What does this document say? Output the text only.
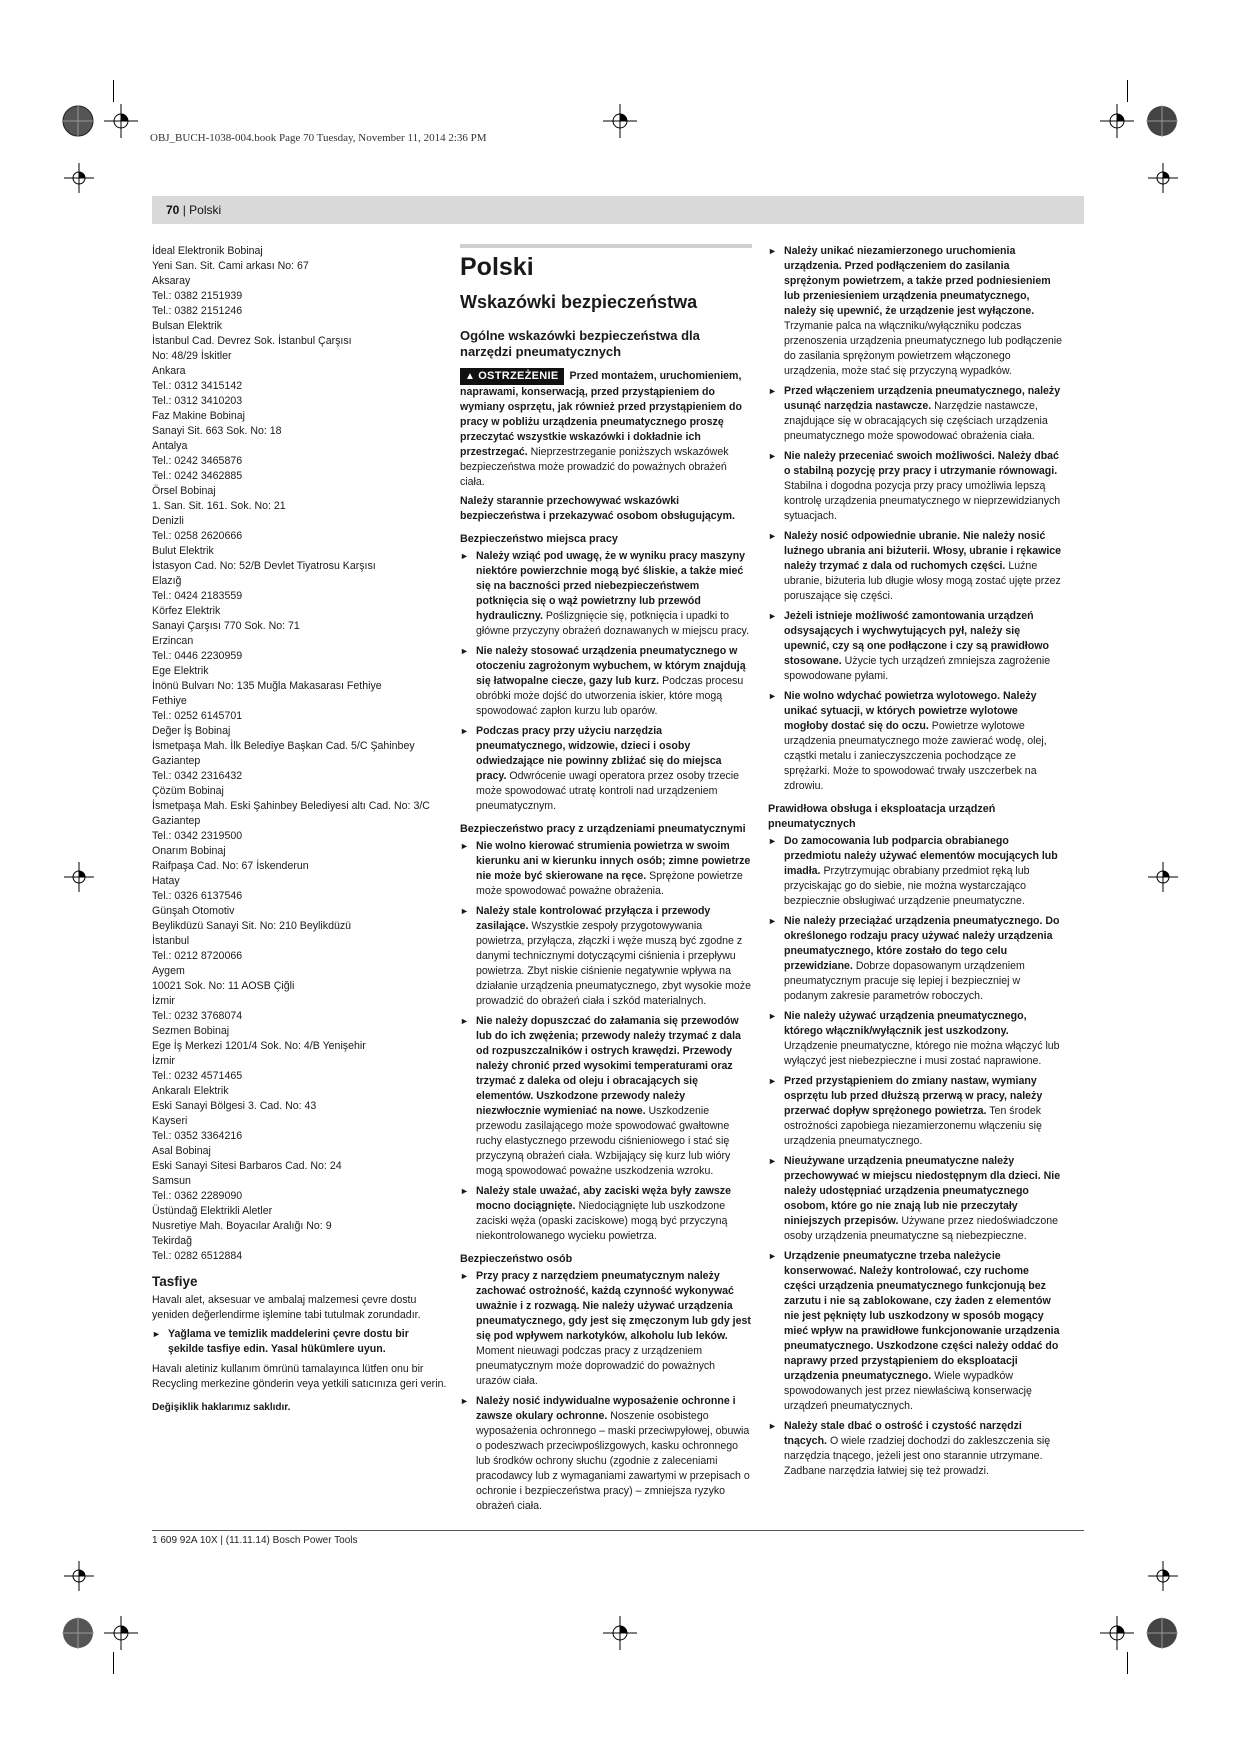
OBJ_BUCH-1038-004.book Page 70 Tuesday, November 11, 2014 2:36 PM
70 | Polski
İdeal Elektronik Bobinaj
Yeni San. Sit. Cami arkası No: 67
Aksaray
Tel.: 0382 2151939
Tel.: 0382 2151246
Bulsan Elektrik
İstanbul Cad. Devrez Sok. İstanbul Çarşısı
No: 48/29 İskitler
Ankara
Tel.: 0312 3415142
Tel.: 0312 3410203
Faz Makine Bobinaj
Sanayi Sit. 663 Sok. No: 18
Antalya
Tel.: 0242 3465876
Tel.: 0242 3462885
Örsel Bobinaj
1. San. Sit. 161. Sok. No: 21
Denizli
Tel.: 0258 2620666
Bulut Elektrik
İstasyon Cad. No: 52/B Devlet Tiyatrosu Karşısı
Elazığ
Tel.: 0424 2183559
Körfez Elektrik
Sanayi Çarşısı 770 Sok. No: 71
Erzincan
Tel.: 0446 2230959
Ege Elektrik
İnönü Bulvarı No: 135 Muğla Makasarası Fethiye
Fethiye
Tel.: 0252 6145701
Değer İş Bobinaj
İsmetpaşa Mah. İlk Belediye Başkan Cad. 5/C Şahinbey
Gaziantep
Tel.: 0342 2316432
Çözüm Bobinaj
İsmetpaşa Mah. Eski Şahinbey Belediyesi altı Cad. No: 3/C
Gaziantep
Tel.: 0342 2319500
Onarım Bobinaj
Raifpaşa Cad. No: 67 İskenderun
Hatay
Tel.: 0326 6137546
Günşah Otomotiv
Beylikdüzü Sanayi Sit. No: 210 Beylikdüzü
İstanbul
Tel.: 0212 8720066
Aygem
10021 Sok. No: 11 AOSB Çiğli
İzmir
Tel.: 0232 3768074
Sezmen Bobinaj
Ege İş Merkezi 1201/4 Sok. No: 4/B Yenişehir
İzmir
Tel.: 0232 4571465
Ankaralı Elektrik
Eski Sanayi Bölgesi 3. Cad. No: 43
Kayseri
Tel.: 0352 3364216
Asal Bobinaj
Eski Sanayi Sitesi Barbaros Cad. No: 24
Samsun
Tel.: 0362 2289090
Üstündağ Elektrikli Aletler
Nusretiye Mah. Boyacılar Aralığı No: 9
Tekirdağ
Tel.: 0282 6512884
Tasfiye

Havalı alet, aksesuar ve ambalaj malzemesi çevre dostu yeniden değerlendirme işlemine tabi tutulmak zorundadır.

► Yağlama ve temizlik maddelerini çevre dostu bir şekilde tasfiye edin. Yasal hükümlere uyun.

Havalı aletiniz kullanım ömrünü tamalayınca lütfen onu bir Recycling merkezine gönderin veya yetkili satıcınıza geri verin.

Değişiklik haklarımız saklıdır.
Polski
Wskazówki bezpieczeństwa
Ogólne wskazówki bezpieczeństwa dla narzędzi pneumatycznych

▲ OSTRZEŻENIE Przed montażem, uruchomieniem, naprawami, konserwacją, przed przystąpieniem do wymiany osprzętu, jak również przed przystąpieniem do pracy w pobliżu urządzenia pneumatycznego proszę przeczytać wszystkie wskazówki i dokładnie ich przestrzegać. Nieprzestrzeganie poniższych wskazówek bezpieczeństwa może prowadzić do poważnych obrażeń ciała.

Należy starannie przechowywać wskazówki bezpieczeństwa i przekazywać osobom obsługującym.

Bezpieczeństwo miejsca pracy
► Należy wziąć pod uwagę, że w wyniku pracy maszyny niektóre powierzchnie mogą być śliskie, a także mieć się na baczności przed niebezpieczeństwem potknięcia się o wąż powietrzny lub przewód hydrauliczny. Poślizgnięcie się, potknięcia i upadki to główne przyczyny obrażeń doznawanych w miejscu pracy.
► Nie należy stosować urządzenia pneumatycznego w otoczeniu zagrożonym wybuchem, w którym znajdują się łatwopalne ciecze, gazy lub kurz. Podczas procesu obróbki może dojść do utworzenia iskier, które mogą spowodować zapłon kurzu lub oparów.
► Podczas pracy przy użyciu narzędzia pneumatycznego, widzowie, dzieci i osoby odwiedzające nie powinny zbliżać się do miejsca pracy. Odwrócenie uwagi operatora przez osoby trzecie może spowodować utratę kontroli nad urządzeniem pneumatycznym.
Bezpieczeństwo pracy z urządzeniami pneumatycznymi
► Nie wolno kierować strumienia powietrza w swoim kierunku ani w kierunku innych osób; zimne powietrze nie może być skierowane na ręce. Sprężone powietrze może spowodować poważne obrażenia.
► Należy stale kontrolować przyłącza i przewody zasilające. Wszystkie zespoły przygotowywania powietrza, przyłącza, złączki i węże muszą być zgodne z danymi technicznymi dotyczącymi ciśnienia i przepływu powietrza. Zbyt niskie ciśnienie negatywnie wpływa na działanie urządzenia pneumatycznego, zbyt wysokie może prowadzić do obrażeń ciała i szkód materialnych.
► Nie należy dopuszczać do załamania się przewodów lub do ich zwężenia; przewody należy trzymać z dala od rozpuszczalników i ostrych krawędzi. Przewody należy chronić przed wysokimi temperaturami oraz trzymać z daleka od oleju i obracających się elementów. Uszkodzone przewody należy niezwłocznie wymieniać na nowe. Uszkodzenie przewodu zasilającego może spowodować gwałtowne ruchy elastycznego przewodu ciśnieniowego i stać się przyczyną obrażeń ciała. Wzbijający się kurz lub wióry mogą spowodować poważne uszkodzenia wzroku.
► Należy stale uważać, aby zaciski węża były zawsze mocno dociągnięte. Niedociągnięte lub uszkodzone zaciski węża (opaski zaciskowe) mogą być przyczyną niekontrolowanego wycieku powietrza.
Bezpieczeństwo osób
► Przy pracy z narzędziem pneumatycznym należy zachować ostrożność, każdą czynność wykonywać uważnie i z rozwagą. Nie należy używać urządzenia pneumatycznego, gdy jest się zmęczonym lub gdy jest się pod wpływem narkotyków, alkoholu lub leków. Moment nieuwagi podczas pracy z urządzeniem pneumatycznym może doprowadzić do poważnych urazów ciała.
► Należy nosić indywidualne wyposażenie ochronne i zawsze okulary ochronne. Noszenie osobistego wyposażenia ochronnego – maski przeciwpyłowej, obuwia o podeszwach przeciwpoślizgowych, kasku ochronnego lub środków ochrony słuchu (zgodnie z zaleceniami pracodawcy lub z wymaganiami zawartymi w przepisach o ochronie i bezpieczeństwa pracy) – zmniejsza ryzyko obrażeń ciała.
► Należy unikać niezamierzonego uruchomienia urządzenia. Przed podłączeniem do zasilania sprężonym powietrzem, a także przed podniesieniem lub przeniesieniem urządzenia pneumatycznego, należy się upewnić, że urządzenie jest wyłączone. Trzymanie palca na włączniku/wyłączniku podczas przenoszenia urządzenia pneumatycznego lub podłączenie do zasilania sprężonym powietrzem włączonego urządzenia, może stać się przyczyną wypadków.
► Przed włączeniem urządzenia pneumatycznego, należy usunąć narzędzia nastawcze. Narzędzie nastawcze, znajdujące się w obracających się częściach urządzenia pneumatycznego może spowodować obrażenia ciała.
► Nie należy przeceniać swoich możliwości. Należy dbać o stabilną pozycję przy pracy i utrzymanie równowagi. Stabilna i dogodna pozycja przy pracy umożliwia lepszą kontrolę urządzenia pneumatycznego w nieprzewidzianych sytuacjach.
► Należy nosić odpowiednie ubranie. Nie należy nosić luźnego ubrania ani biżuterii. Włosy, ubranie i rękawice należy trzymać z dala od ruchomych części. Luźne ubranie, biżuteria lub długie włosy mogą zostać ujęte przez poruszające się części.
► Jeżeli istnieje możliwość zamontowania urządzeń odsysających i wychwytujących pył, należy się upewnić, czy są one podłączone i czy są prawidłowo stosowane. Użycie tych urządzeń zmniejsza zagrożenie spowodowane pyłami.
► Nie wolno wdychać powietrza wylotowego. Należy unikać sytuacji, w których powietrze wylotowe mogłoby dostać się do oczu. Powietrze wylotowe urządzenia pneumatycznego może zawierać wodę, olej, cząstki metalu i zanieczyszczenia pochodzące ze sprężarki. Może to spowodować trwały uszczerbek na zdrowiu.
Prawidłowa obsługa i eksploatacja urządzeń pneumatycznych
► Do zamocowania lub podparcia obrabianego przedmiotu należy używać elementów mocujących lub imadła. Przytrzymując obrabiany przedmiot ręką lub przyciskając go do siebie, nie można wystarczająco bezpiecznie obsługiwać urządzenie pneumatyczne.
► Nie należy przeciążać urządzenia pneumatycznego. Do określonego rodzaju pracy używać należy urządzenia pneumatycznego, które zostało do tego celu przewidziane. Dobrze dopasowanym urządzeniem pneumatycznym pracuje się lepiej i bezpieczniej w podanym zakresie parametrów roboczych.
► Nie należy używać urządzenia pneumatycznego, którego włącznik/wyłącznik jest uszkodzony. Urządzenie pneumatyczne, którego nie można włączyć lub wyłączyć jest niebezpieczne i musi zostać naprawione.
► Przed przystąpieniem do zmiany nastaw, wymiany osprzętu lub przed dłuższą przerwą w pracy, należy przerwać dopływ sprężonego powietrza. Ten środek ostrożności zapobiega niezamierzonemu włączeniu się urządzenia pneumatycznego.
► Nieużywane urządzenia pneumatyczne należy przechowywać w miejscu niedostępnym dla dzieci. Nie należy udostępniać urządzenia pneumatycznego osobom, które go nie znają lub nie przeczytały niniejszych przepisów. Używane przez niedoświadczone osoby urządzenia pneumatyczne są niebezpieczne.
► Urządzenie pneumatyczne trzeba należycie konserwować. Należy kontrolować, czy ruchome części urządzenia pneumatycznego funkcjonują bez zarzutu i nie są zablokowane, czy żaden z elementów nie jest pęknięty lub uszkodzony w sposób mogący mieć wpływ na prawidłowe funkcjonowanie urządzenia pneumatycznego. Uszkodzone części należy oddać do naprawy przed przystąpieniem do eksploatacji urządzenia pneumatycznego. Wiele wypadków spowodowanych jest przez niewłaściwą konserwację urządzeń pneumatycznych.
► Należy stale dbać o ostrość i czystość narzędzi tnących. O wiele rzadziej dochodzi do zakleszczenia się narzędzia tnącego, jeżeli jest ono starannie utrzymane. Zadbane narzędzia łatwiej się też prowadzi.
1 609 92A 10X | (11.11.14) Bosch Power Tools
